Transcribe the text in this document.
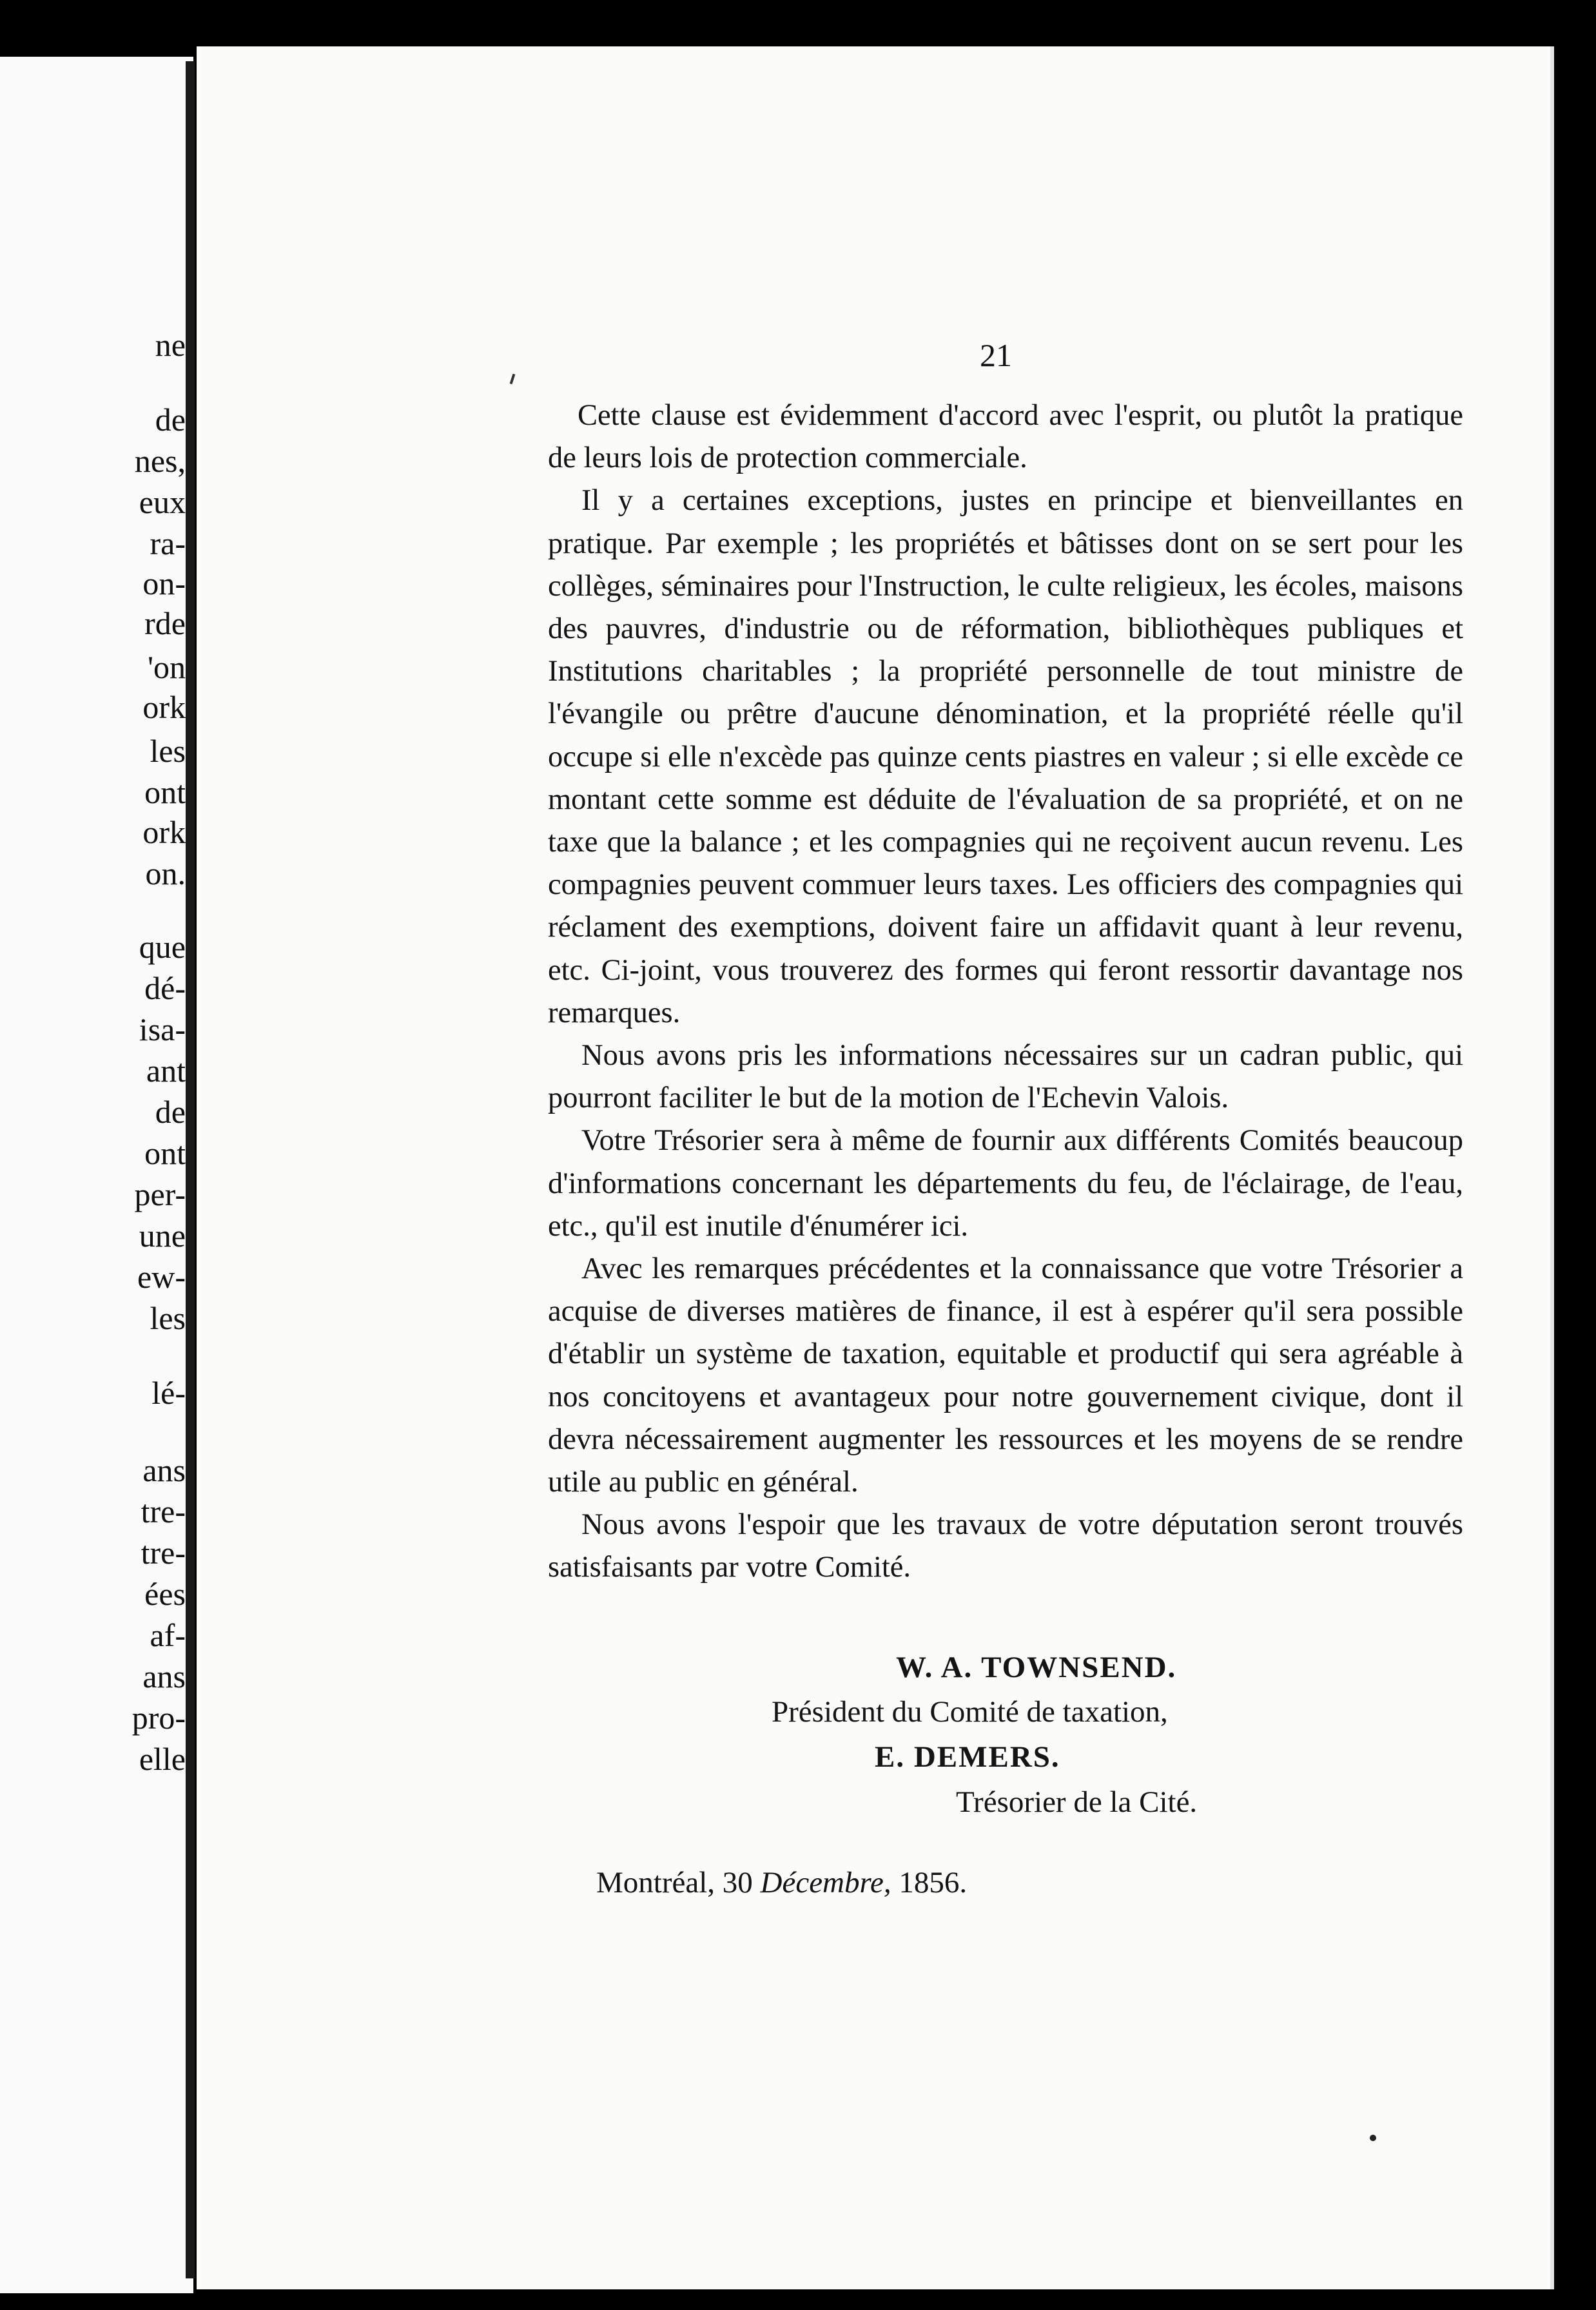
ne
de
nes,
eux
ra-
on-
rde
'on
ork
les
ont
ork
on.
que
dé-
isa-
ant
de
ont
per-
une
ew-
les
lé-
ans
tre-
tre-
ées
af-
ans
pro-
elle
21

Cette clause est évidemment d'accord avec l'esprit, ou plutôt la pratique de leurs lois de protection commerciale.

Il y a certaines exceptions, justes en principe et bienveillantes en pratique. Par exemple ; les propriétés et bâtisses dont on se sert pour les collèges, séminaires pour l'Instruction, le culte religieux, les écoles, maisons des pauvres, d'industrie ou de réformation, bibliothèques publiques et Institutions charitables ; la propriété personnelle de tout ministre de l'évangile ou prêtre d'aucune dénomination, et la propriété réelle qu'il occupe si elle n'excède pas quinze cents piastres en valeur ; si elle excède ce montant cette somme est déduite de l'évaluation de sa propriété, et on ne taxe que la balance ; et les compagnies qui ne reçoivent aucun revenu. Les compagnies peuvent commuer leurs taxes. Les officiers des compagnies qui réclament des exemptions, doivent faire un affidavit quant à leur revenu, etc. Ci-joint, vous trouverez des formes qui feront ressortir davantage nos remarques.

Nous avons pris les informations nécessaires sur un cadran public, qui pourront faciliter le but de la motion de l'Echevin Valois.

Votre Trésorier sera à même de fournir aux différents Comités beaucoup d'informations concernant les départements du feu, de l'éclairage, de l'eau, etc., qu'il est inutile d'énumérer ici.

Avec les remarques précédentes et la connaissance que votre Trésorier a acquise de diverses matières de finance, il est à espérer qu'il sera possible d'établir un système de taxation, equitable et productif qui sera agréable à nos concitoyens et avantageux pour notre gouvernement civique, dont il devra nécessairement augmenter les ressources et les moyens de se rendre utile au public en général.

Nous avons l'espoir que les travaux de votre députation seront trouvés satisfaisants par votre Comité.

W. A. TOWNSEND.
Président du Comité de taxation,
E. DEMERS.
Trésorier de la Cité.
Montréal, 30 Décembre, 1856.
